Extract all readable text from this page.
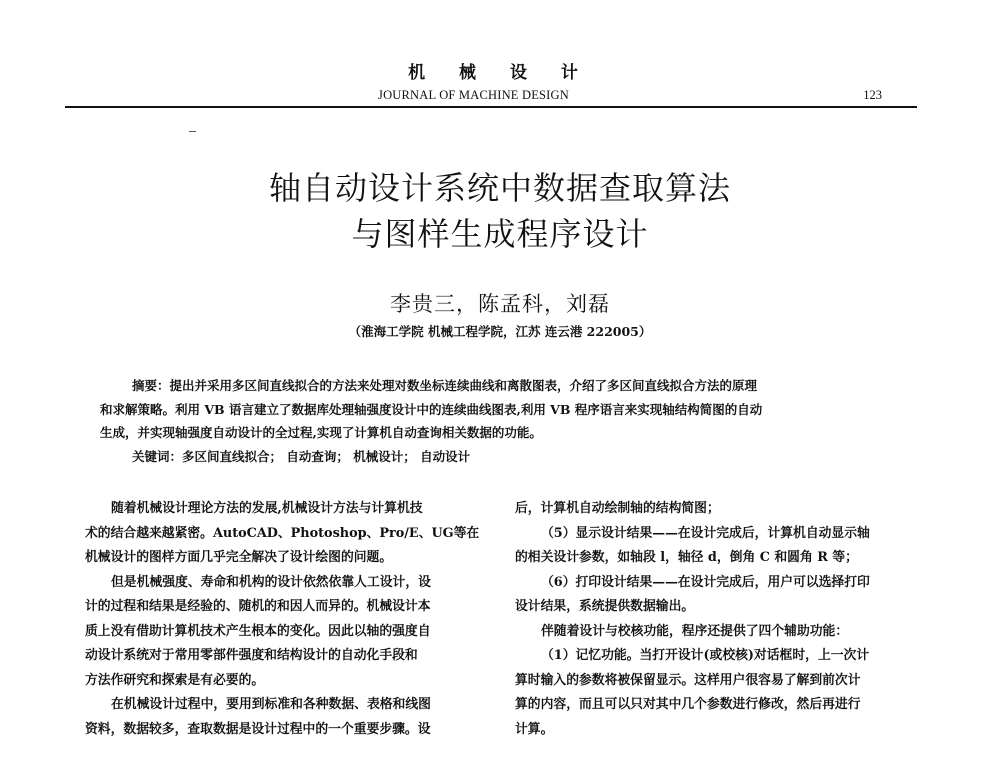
机 械 设 计
JOURNAL OF MACHINE DESIGN	123
轴自动设计系统中数据查取算法
与图样生成程序设计
李贵三，陈孟科，刘磊
（淮海工学院 机械工程学院，江苏 连云港 222005）

摘要：提出并采用多区间直线拟合的方法来处理对数坐标连续曲线和离散图表，介绍了多区间直线拟合方法的原理

和求解策略。利用 VB 语言建立了数据库处理轴强度设计中的连续曲线图表,利用 VB 程序语言来实现轴结构简图的自动

生成，并实现轴强度自动设计的全过程,实现了计算机自动查询相关数据的功能。

关键词：多区间直线拟合； 自动查询； 机械设计； 自动设计

随着机械设计理论方法的发展,机械设计方法与计算机技
术的结合越来越紧密。AutoCAD、Photoshop、Pro/E、UG等在
机械设计的图样方面几乎完全解决了设计绘图的问题。

但是机械强度、寿命和机构的设计依然依靠人工设计，设
计的过程和结果是经验的、随机的和因人而异的。机械设计本
质上没有借助计算机技术产生根本的变化。因此以轴的强度自
动设计系统对于常用零部件强度和结构设计的自动化手段和
方法作研究和探索是有必要的。

在机械设计过程中，要用到标准和各种数据、表格和线图
资料，数据较多，查取数据是设计过程中的一个重要步骤。设

后，计算机自动绘制轴的结构简图；

（5）显示设计结果——在设计完成后，计算机自动显示轴

的相关设计参数，如轴段 l，轴径 d，倒角 C 和圆角 R 等；

（6）打印设计结果——在设计完成后，用户可以选择打印

设计结果，系统提供数据输出。

伴随着设计与校核功能，程序还提供了四个辅助功能：

（1）记忆功能。当打开设计(或校核)对话框时，上一次计

算时输入的参数将被保留显示。这样用户很容易了解到前次计

算的内容，而且可以只对其中几个参数进行修改，然后再进行

计算。
